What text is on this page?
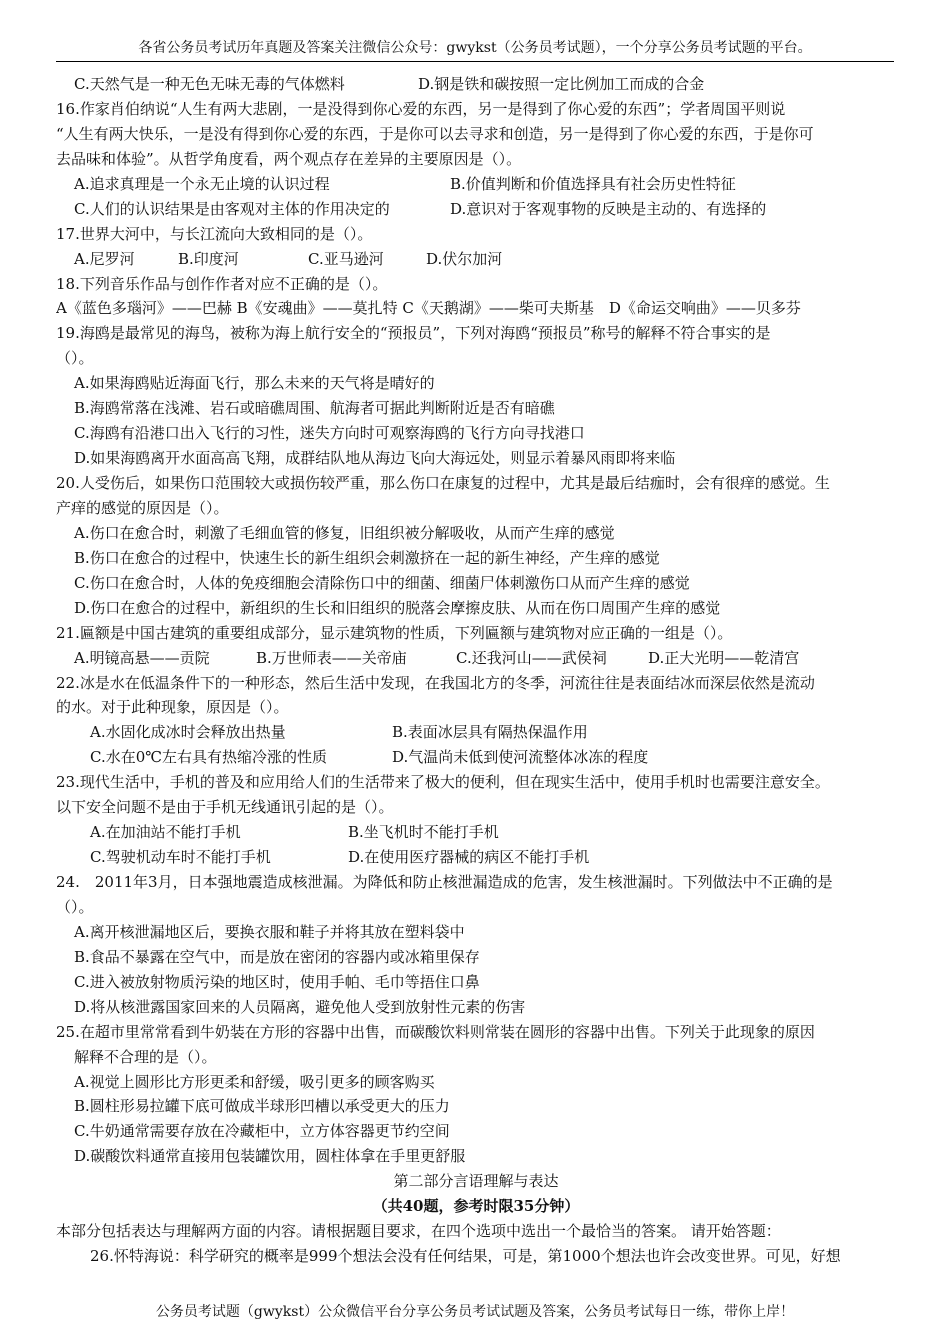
各省公务员考试历年真题及答案关注微信公众号：gwykst（公务员考试题），一个分享公务员考试题的平台。
C.天然气是一种无色无味无毒的气体燃料	D.钢是铁和碳按照一定比例加工而成的合金
16.作家肖伯纳说“人生有两大悲剧，一是没得到你心爱的东西，另一是得到了你心爱的东西”；学者周国平则说
“人生有两大快乐，一是没有得到你心爱的东西，于是你可以去寻求和创造，另一是得到了你心爱的东西，于是你可
去品味和体验”。从哲学角度看，两个观点存在差异的主要原因是（）。
A.追求真理是一个永无止境的认识过程	B.价值判断和价值选择具有社会历史性特征
C.人们的认识结果是由客观对主体的作用决定的	D.意识对于客观事物的反映是主动的、有选择的
17.世界大河中，与长江流向大致相同的是（）。
A.尼罗河	B.印度河	C.亚马逊河	D.伏尔加河
18.下列音乐作品与创作作者对应不正确的是（）。
A《蓝色多瑙河》——巴赫 B《安魂曲》——莫扎特 C《天鹅湖》——柴可夫斯基　D《命运交响曲》——贝多芬
19.海鸥是最常见的海鸟，被称为海上航行安全的“预报员”，下列对海鸥“预报员”称号的解释不符合事实的是
（）。
A.如果海鸥贴近海面飞行，那么未来的天气将是晴好的
B.海鸥常落在浅滩、岩石或暗礁周围、航海者可据此判断附近是否有暗礁
C.海鸥有沿港口出入飞行的习性，迷失方向时可观察海鸥的飞行方向寻找港口
D.如果海鸥离开水面高高飞翔，成群结队地从海边飞向大海远处，则显示着暴风雨即将来临
20.人受伤后，如果伤口范围较大或损伤较严重，那么伤口在康复的过程中，尤其是最后结痂时，会有很痒的感觉。生
产痒的感觉的原因是（）。
A.伤口在愈合时，刺激了毛细血管的修复，旧组织被分解吸收，从而产生痒的感觉
B.伤口在愈合的过程中，快速生长的新生组织会刺激挤在一起的新生神经，产生痒的感觉
C.伤口在愈合时，人体的免疫细胞会清除伤口中的细菌、细菌尸体刺激伤口从而产生痒的感觉
D.伤口在愈合的过程中，新组织的生长和旧组织的脱落会摩擦皮肤、从而在伤口周围产生痒的感觉
21.匾额是中国古建筑的重要组成部分，显示建筑物的性质，下列匾额与建筑物对应正确的一组是（）。
A.明镜高悬——贡院	B.万世师表——关帝庙	C.还我河山——武侯祠	D.正大光明——乾清宫
22.冰是水在低温条件下的一种形态，然后生活中发现，在我国北方的冬季，河流往往是表面结冰而深层依然是流动
的水。对于此种现象，原因是（）。
A.水固化成冰时会释放出热量	B.表面冰层具有隔热保温作用
C.水在0℃左右具有热缩冷涨的性质	D.气温尚未低到使河流整体冰冻的程度
23.现代生活中，手机的普及和应用给人们的生活带来了极大的便利，但在现实生活中，使用手机时也需要注意安全。
以下安全问题不是由于手机无线通讯引起的是（）。
A.在加油站不能打手机	B.坐飞机时不能打手机
C.驾驶机动车时不能打手机	D.在使用医疗器械的病区不能打手机
24.　2011年3月，日本强地震造成核泄漏。为降低和防止核泄漏造成的危害，发生核泄漏时。下列做法中不正确的是
（）。
A.离开核泄漏地区后，要换衣服和鞋子并将其放在塑料袋中
B.食品不暴露在空气中，而是放在密闭的容器内或冰箱里保存
C.进入被放射物质污染的地区时，使用手帕、毛巾等捂住口鼻
D.将从核泄露国家回来的人员隔离，避免他人受到放射性元素的伤害
25.在超市里常常看到牛奶装在方形的容器中出售，而碳酸饮料则常装在圆形的容器中出售。下列关于此现象的原因
解释不合理的是（）。
A.视觉上圆形比方形更柔和舒缓，吸引更多的顾客购买
B.圆柱形易拉罐下底可做成半球形凹槽以承受更大的压力
C.牛奶通常需要存放在冷藏柜中，立方体容器更节约空间
D.碳酸饮料通常直接用包装罐饮用，圆柱体拿在手里更舒服
第二部分言语理解与表达
（共40题，参考时限35分钟）
本部分包括表达与理解两方面的内容。请根据题目要求，在四个选项中选出一个最恰当的答案。 请开始答题：
26.怀特海说：科学研究的概率是999个想法会没有任何结果，可是，第1000个想法也许会改变世界。可见，好想
公务员考试题（gwykst）公众微信平台分享公务员考试试题及答案，公务员考试每日一练，带你上岸！
